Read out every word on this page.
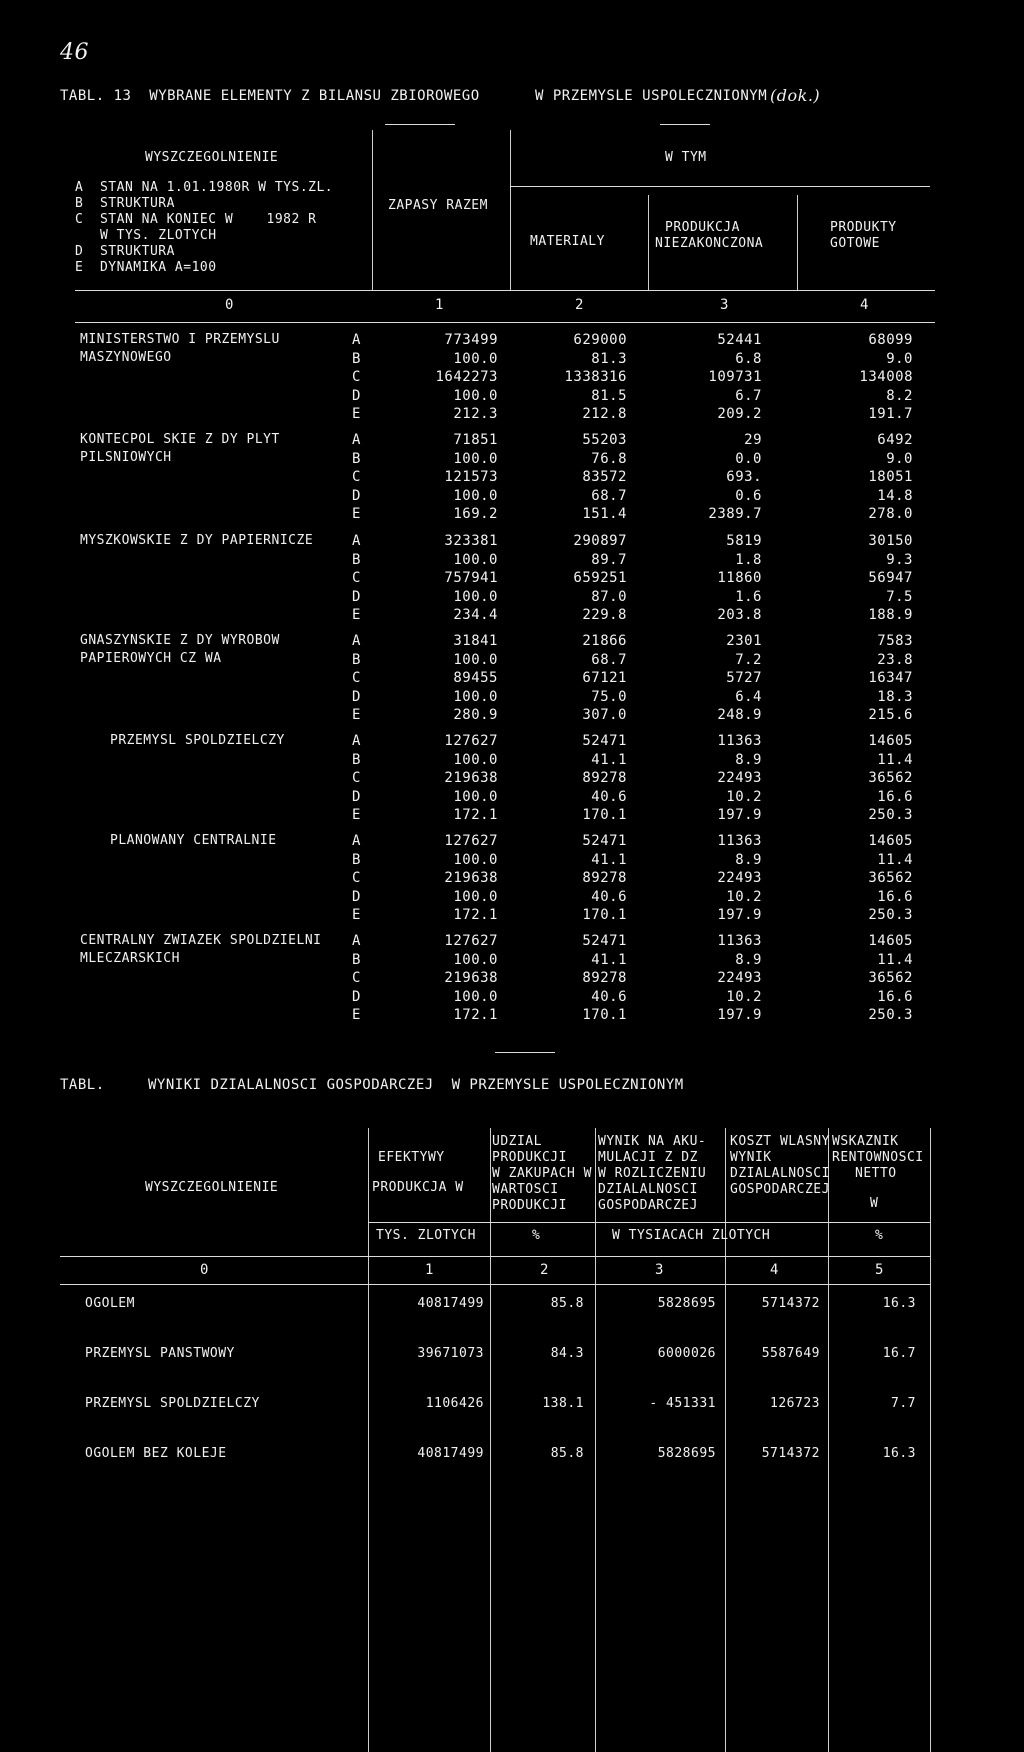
46
TABL. 13  WYBRANE ELEMENTY Z BILANSU ZBIOROWEGO	W PRZEMYSLE USPOLECZNIONYM (dok.)
WYSZCZEGOLNIENIE
A  STAN NA 1.01.1980R W TYS.ZL.
B  STRUKTURA
C  STAN NA KONIEC W    1982 R
W TYS. ZLOTYCH
D  STRUKTURA
E  DYNAMIKA A=100
ZAPASY RAZEM
W TYM
MATERIALY
PRODUKCJA
NIEZAKONCZONA
PRODUKTY
GOTOWE
0	1	2	3	4
MINISTERSTWO I PRZEMYSLU
MASZYNOWEGO
A	773499	629000	52441	68099
B	100.0	81.3	6.8	9.0
C	1642273	1338316	109731	134008
D	100.0	81.5	6.7	8.2
E	212.3	212.8	209.2	191.7
KONTECPOL SKIE Z DY PLYT
PILSNIOWYCH
A	71851	55203	29	6492
B	100.0	76.8	0.0	9.0
C	121573	83572	693.	18051
D	100.0	68.7	0.6	14.8
E	169.2	151.4	2389.7	278.0
MYSZKOWSKIE Z DY PAPIERNICZE	A	323381	290897	5819	30150
B	100.0	89.7	1.8	9.3
C	757941	659251	11860	56947
D	100.0	87.0	1.6	7.5
E	234.4	229.8	203.8	188.9
GNASZYNSKIE Z DY WYROBOW
PAPIEROWYCH CZ WA
A	31841	21866	2301	7583
B	100.0	68.7	7.2	23.8
C	89455	67121	5727	16347
D	100.0	75.0	6.4	18.3
E	280.9	307.0	248.9	215.6
PRZEMYSL SPOLDZIELCZY	A	127627	52471	11363	14605
B	100.0	41.1	8.9	11.4
C	219638	89278	22493	36562
D	100.0	40.6	10.2	16.6
E	172.1	170.1	197.9	250.3
PLANOWANY CENTRALNIE	A	127627	52471	11363	14605
B	100.0	41.1	8.9	11.4
C	219638	89278	22493	36562
D	100.0	40.6	10.2	16.6
E	172.1	170.1	197.9	250.3
CENTRALNY ZWIAZEK SPOLDZIELNI
MLECZARSKICH
A	127627	52471	11363	14605
B	100.0	41.1	8.9	11.4
C	219638	89278	22493	36562
D	100.0	40.6	10.2	16.6
E	172.1	170.1	197.9	250.3
TABL.	WYNIKI DZIALALNOSCI GOSPODARCZEJ  W PRZEMYSLE USPOLECZNIONYM
WYSZCZEGOLNIENIE
EFEKTYWY
PRODUKCJA W
UDZIAL
PRODUKCJI
W ZAKUPACH W
WARTOSCI
PRODUKCJI
WYNIK NA AKU-
MULACJI Z DZ
W ROZLICZENIU
DZIALALNOSCI
GOSPODARCZEJ
KOSZT WLASNY
WYNIK
DZIALALNOSCI
GOSPODARCZEJ
WSKAZNIK
RENTOWNOSCI
NETTO
W
TYS. ZLOTYCH	%	W TYSIACACH ZLOTYCH	%
0	1	2	3	4	5
OGOLEM	40817499	85.8	5828695	5714372	16.3
PRZEMYSL PANSTWOWY	39671073	84.3	6000026	5587649	16.7
PRZEMYSL SPOLDZIELCZY	1106426	138.1	- 451331	126723	7.7
OGOLEM BEZ KOLEJE	40817499	85.8	5828695	5714372	16.3
